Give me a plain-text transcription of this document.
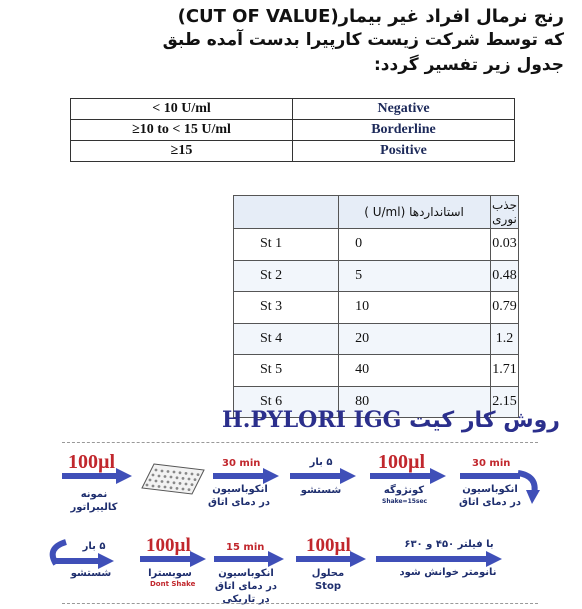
رنج نرمال افراد غیر بیمار(CUT OF VALUE)
که توسط شرکت زیست کارپیرا بدست آمده طبق
جدول زیر تفسیر گردد:
< 10 U/ml	Negative
≥10 to < 15 U/ml	Borderline
≥15	Positive
	استانداردها (U/ml )	جذب نوری
St 1	0	0.03
St 2	5	0.48
St 3	10	0.79
St 4	20	1.2
St 5	40	1.71
St 6	80	2.15
H.PYLORI IGG روش کار کیت
100µl
نمونه
کالیبراتور
30 min
انکوباسیون
در دمای اتاق
۵ بار
شستشو
100µl
کونژوگه
Shake=15sec
30 min
انکوباسیون
در دمای اتاق
۵ بار
شستشو
100µl
سوبسترا
Dont Shake
15 min
انکوباسیون
در دمای اتاق
در تاریکی
100µl
محلول
Stop
با فیلتر ۴۵۰ و ۶۳۰
نانومتر خوانش شود
